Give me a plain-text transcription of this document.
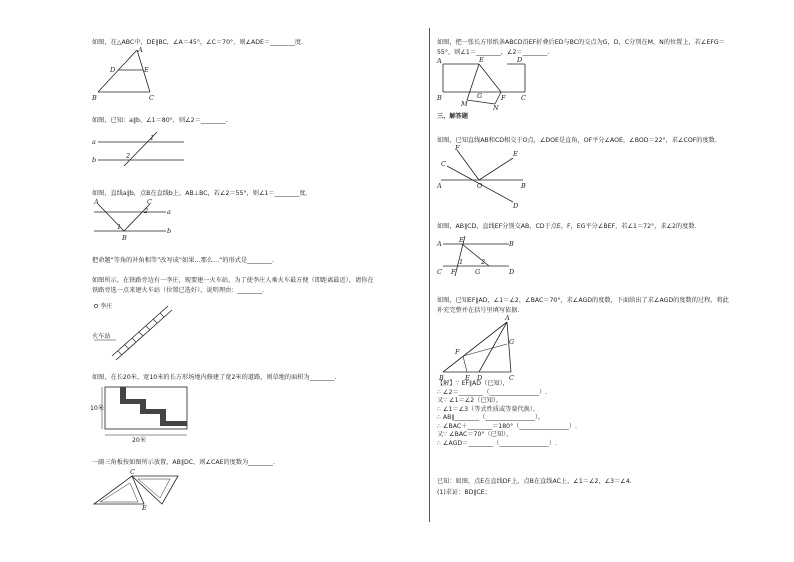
如图，在△ABC中，DE∥BC，∠A＝45°，∠C＝70°，则∠ADE＝________度.
A
D	E
B	C
如图，已知：a∥b，∠1＝80°，则∠2＝________.
a
b
1
2
如图，直线a∥b，点B在直线b上，AB⊥BC，若∠2＝55°，则∠1＝________度.
A	C
a
b
B
1
2
把命题“等角的补角相等”改写成“如果…那么…”的形式是________.
如图所示，在铁路旁边有一李庄，现要建一火车站，为了使李庄人乘火车最方便（即距离最近），请你在
铁路旁选一点来建火车站（位置已选好），说明理由：________.
李庄
火车站
如图，在长20米，宽10米的长方形场地内修建了宽2米的道路，则草地的面积为________.
10米
20米
一副三角板按如图所示放置，AB∥DC，则∠CAE的度数为________.
E
C
如图，把一张长方形纸条ABCD沿EF折叠后ED与BC的交点为G，D，C分别在M，N的位置上，若∠EFG＝
55°，则∠1＝________，∠2＝________.
A	E	D
B	F C
M	N
G
三、解答题
如图，已知直线AB和CD相交于O点，∠DOE是直角，OF平分∠AOE，∠BOD＝22°，求∠COF的度数.
F
C
A	O	B
E
D
如图，AB∥CD，直线EF分别交AB，CD于点E，F，EG平分∠BEF，若∠1＝72°，求∠2的度数.
A	B
C	D
E
F	G
1	2
如图，已知EF∥AD，∠1＝∠2，∠BAC＝70°，求∠AGD的度数，下面给出了求∠AGD的度数的过程，将此
补充完整并在括号里填写依据.
A
F
G
B	E D	C
【解】∵ EF∥AD（已知），
∴ ∠2＝________（________________）.
又∵ ∠1＝∠2（已知），
∴ ∠1＝∠3（等式性质或等量代换），
∴ AB∥________（________________），
∴ ∠BAC＋________＝180°（________________）.
又∵ ∠BAC＝70°（已知），
∴ ∠AGD＝________（________________）.
已知：如图，点E在直线DF上，点B在直线AC上，∠1＝∠2，∠3＝∠4.
(1)求证：BD∥CE；
